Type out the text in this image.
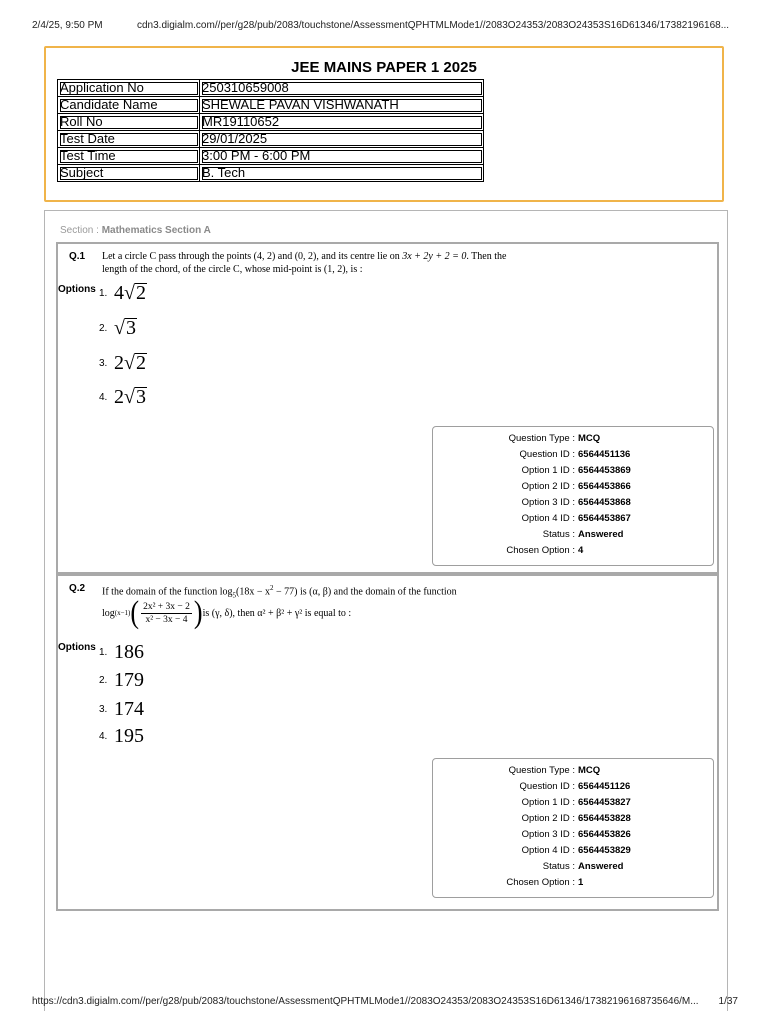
2/4/25, 9:50 PM	cdn3.digialm.com//per/g28/pub/2083/touchstone/AssessmentQPHTMLMode1//2083O24353/2083O24353S16D61346/17382196168...
JEE MAINS PAPER 1 2025
Application No	250310659008
Candidate Name	SHEWALE PAVAN VISHWANATH
Roll No	MR19110652
Test Date	29/01/2025
Test Time	3:00 PM - 6:00 PM
Subject	B. Tech
Section : Mathematics Section A
Q.1 Let a circle C pass through the points (4, 2) and (0, 2), and its centre lie on 3x + 2y + 2 = 0. Then the
length of the chord, of the circle C, whose mid-point is (1, 2), is :
Options 1. 4√2
2. √3
3. 2√2
4. 2√3
Question Type : MCQ
Question ID : 6564451136
Option 1 ID : 6564453869
Option 2 ID : 6564453866
Option 3 ID : 6564453868
Option 4 ID : 6564453867
Status : Answered
Chosen Option : 4
Q.2 If the domain of the function $\log_5(18x - x^2 - 77)$ is (α, β) and the domain of the function
log (x−1) ( $\frac{\text{2x² + 3x − 2}}{\text{x² − 3x − 4}}$ ) is (γ, δ), then α² + β² + γ² is equal to :
Options 1. 186
2. 179
3. 174
4. 195
Question Type : MCQ
Question ID : 6564451126
Option 1 ID : 6564453827
Option 2 ID : 6564453828
Option 3 ID : 6564453826
Option 4 ID : 6564453829
Status : Answered
Chosen Option : 1
https://cdn3.digialm.com//per/g28/pub/2083/touchstone/AssessmentQPHTMLMode1//2083O24353/2083O24353S16D61346/17382196168735646/M... 1/37
